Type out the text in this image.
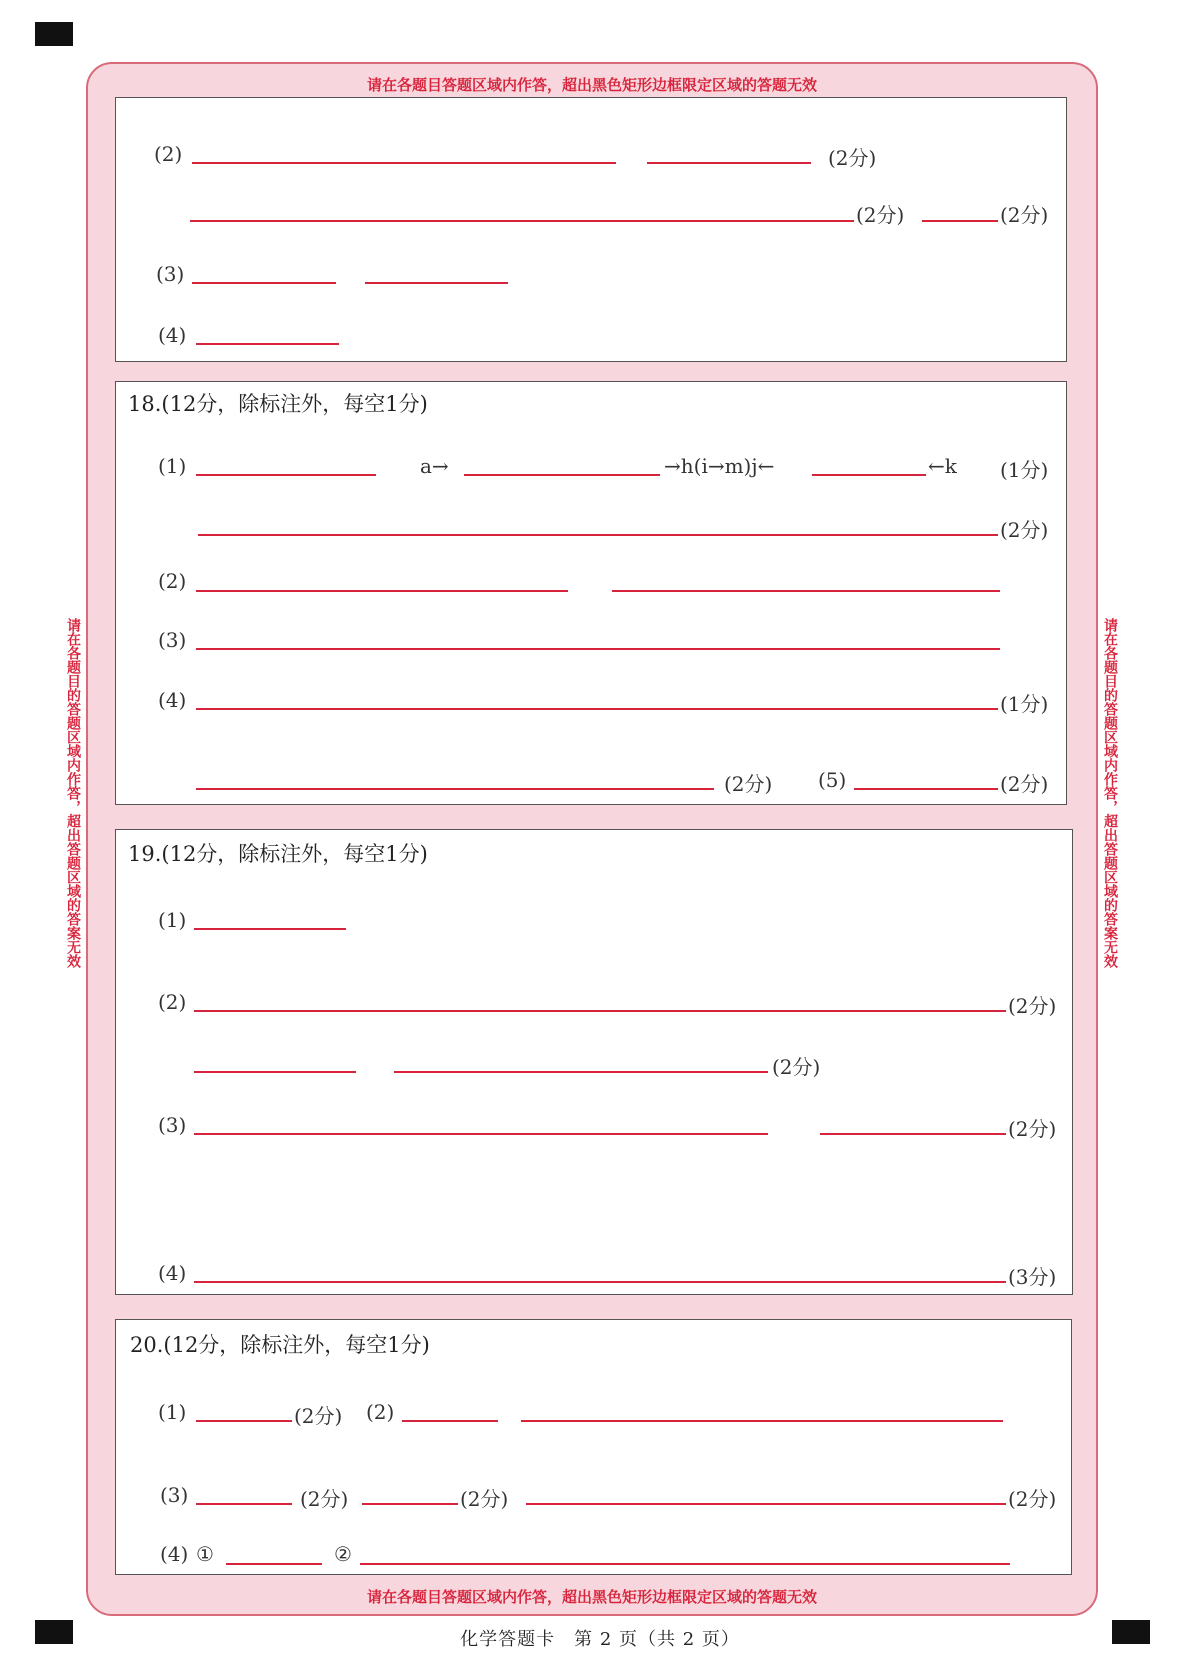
请在各题目答题区域内作答，超出黑色矩形边框限定区域的答题无效
请在各题目答题区域内作答，超出黑色矩形边框限定区域的答题无效
请在各题目的答题区域内作答，超出答题区域的答案无效	请在各题目的答题区域内作答，超出答题区域的答案无效
(2)	(2分)
(2分)	(2分)
(3)
(4)
18.(12分，除标注外，每空1分)
(1)	a→	→h(i→m)j←	←k (1分)
(2分)
(2)
(3)
(4)	(1分)
(2分) (5)	(2分)
19.(12分，除标注外，每空1分)
(1)
(2)	(2分)
(2分)
(3)	(2分)
(4)	(3分)
20.(12分，除标注外，每空1分)
(1)	(2分) (2)
(3)	(2分)	(2分)	(2分)
(4) ①	②
化学答题卡　第 2 页（共 2 页）
